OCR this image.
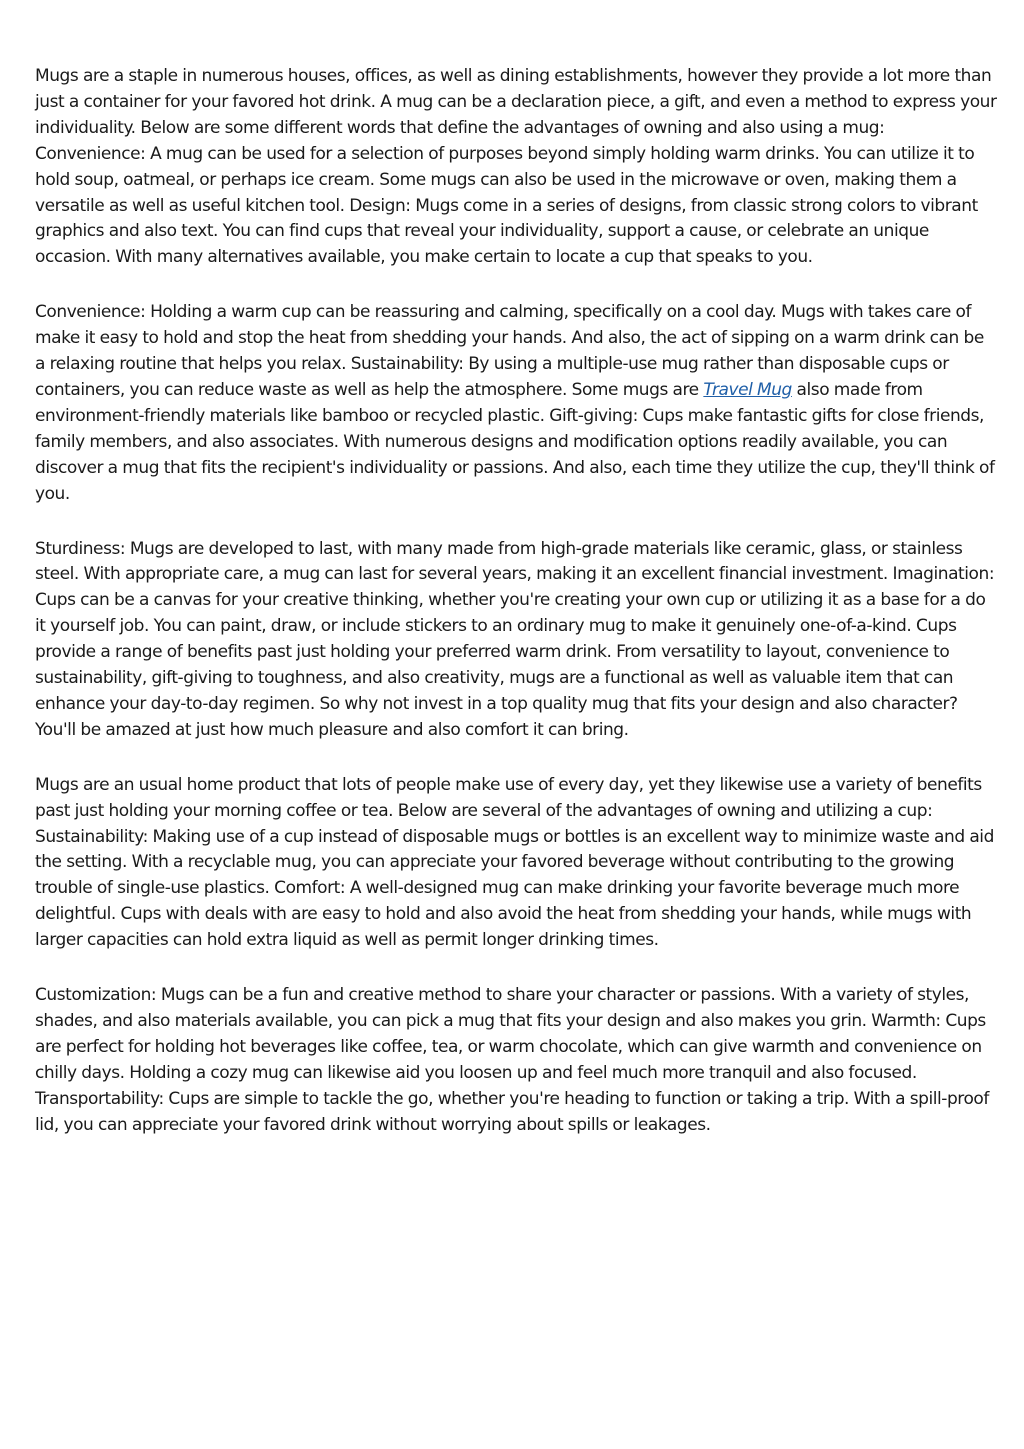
Mugs are a staple in numerous houses, offices, as well as dining establishments, however they provide a lot more than just a container for your favored hot drink. A mug can be a declaration piece, a gift, and even a method to express your individuality. Below are some different words that define the advantages of owning and also using a mug: Convenience: A mug can be used for a selection of purposes beyond simply holding warm drinks. You can utilize it to hold soup, oatmeal, or perhaps ice cream. Some mugs can also be used in the microwave or oven, making them a versatile as well as useful kitchen tool. Design: Mugs come in a series of designs, from classic strong colors to vibrant graphics and also text. You can find cups that reveal your individuality, support a cause, or celebrate an unique occasion. With many alternatives available, you make certain to locate a cup that speaks to you.

Convenience: Holding a warm cup can be reassuring and calming, specifically on a cool day. Mugs with takes care of make it easy to hold and stop the heat from shedding your hands. And also, the act of sipping on a warm drink can be a relaxing routine that helps you relax. Sustainability: By using a multiple-use mug rather than disposable cups or containers, you can reduce waste as well as help the atmosphere. Some mugs are Travel Mug also made from environment-friendly materials like bamboo or recycled plastic. Gift-giving: Cups make fantastic gifts for close friends, family members, and also associates. With numerous designs and modification options readily available, you can discover a mug that fits the recipient's individuality or passions. And also, each time they utilize the cup, they'll think of you.

Sturdiness: Mugs are developed to last, with many made from high-grade materials like ceramic, glass, or stainless steel. With appropriate care, a mug can last for several years, making it an excellent financial investment. Imagination: Cups can be a canvas for your creative thinking, whether you're creating your own cup or utilizing it as a base for a do it yourself job. You can paint, draw, or include stickers to an ordinary mug to make it genuinely one-of-a-kind. Cups provide a range of benefits past just holding your preferred warm drink. From versatility to layout, convenience to sustainability, gift-giving to toughness, and also creativity, mugs are a functional as well as valuable item that can enhance your day-to-day regimen. So why not invest in a top quality mug that fits your design and also character? You'll be amazed at just how much pleasure and also comfort it can bring.

Mugs are an usual home product that lots of people make use of every day, yet they likewise use a variety of benefits past just holding your morning coffee or tea. Below are several of the advantages of owning and utilizing a cup: Sustainability: Making use of a cup instead of disposable mugs or bottles is an excellent way to minimize waste and aid the setting. With a recyclable mug, you can appreciate your favored beverage without contributing to the growing trouble of single-use plastics. Comfort: A well-designed mug can make drinking your favorite beverage much more delightful. Cups with deals with are easy to hold and also avoid the heat from shedding your hands, while mugs with larger capacities can hold extra liquid as well as permit longer drinking times.

Customization: Mugs can be a fun and creative method to share your character or passions. With a variety of styles, shades, and also materials available, you can pick a mug that fits your design and also makes you grin. Warmth: Cups are perfect for holding hot beverages like coffee, tea, or warm chocolate, which can give warmth and convenience on chilly days. Holding a cozy mug can likewise aid you loosen up and feel much more tranquil and also focused. Transportability: Cups are simple to tackle the go, whether you're heading to function or taking a trip. With a spill-proof lid, you can appreciate your favored drink without worrying about spills or leakages.
